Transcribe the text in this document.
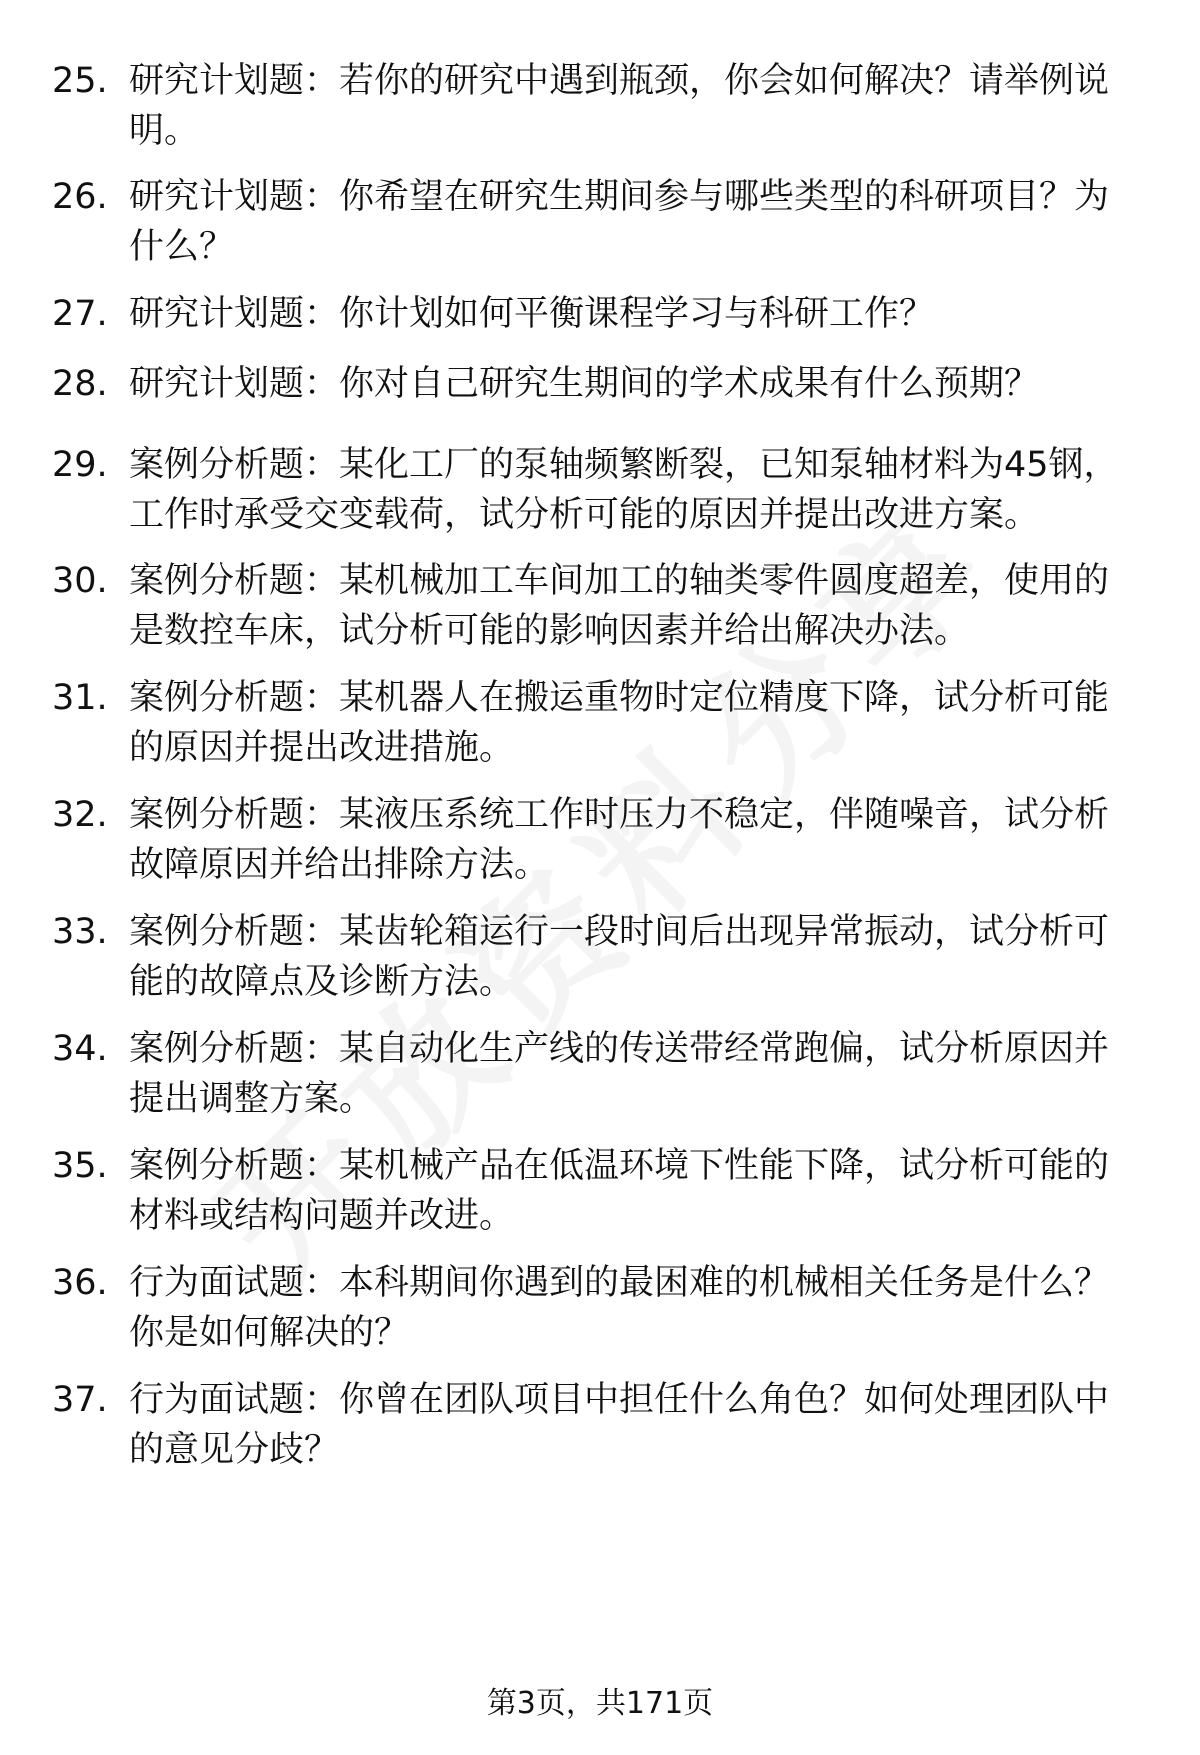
25. 研究计划题：若你的研究中遇到瓶颈，你会如何解决？请举例说明。
26. 研究计划题：你希望在研究生期间参与哪些类型的科研项目？为什么？
27. 研究计划题：你计划如何平衡课程学习与科研工作？
28. 研究计划题：你对自己研究生期间的学术成果有什么预期？
29. 案例分析题：某化工厂的泵轴频繁断裂，已知泵轴材料为45钢，工作时承受交变载荷，试分析可能的原因并提出改进方案。
30. 案例分析题：某机械加工车间加工的轴类零件圆度超差，使用的是数控车床，试分析可能的影响因素并给出解决办法。
31. 案例分析题：某机器人在搬运重物时定位精度下降，试分析可能的原因并提出改进措施。
32. 案例分析题：某液压系统工作时压力不稳定，伴随噪音，试分析故障原因并给出排除方法。
33. 案例分析题：某齿轮箱运行一段时间后出现异常振动，试分析可能的故障点及诊断方法。
34. 案例分析题：某自动化生产线的传送带经常跑偏，试分析原因并提出调整方案。
35. 案例分析题：某机械产品在低温环境下性能下降，试分析可能的材料或结构问题并改进。
36. 行为面试题：本科期间你遇到的最困难的机械相关任务是什么？你是如何解决的？
37. 行为面试题：你曾在团队项目中担任什么角色？如何处理团队中的意见分歧？
第3页，共171页
